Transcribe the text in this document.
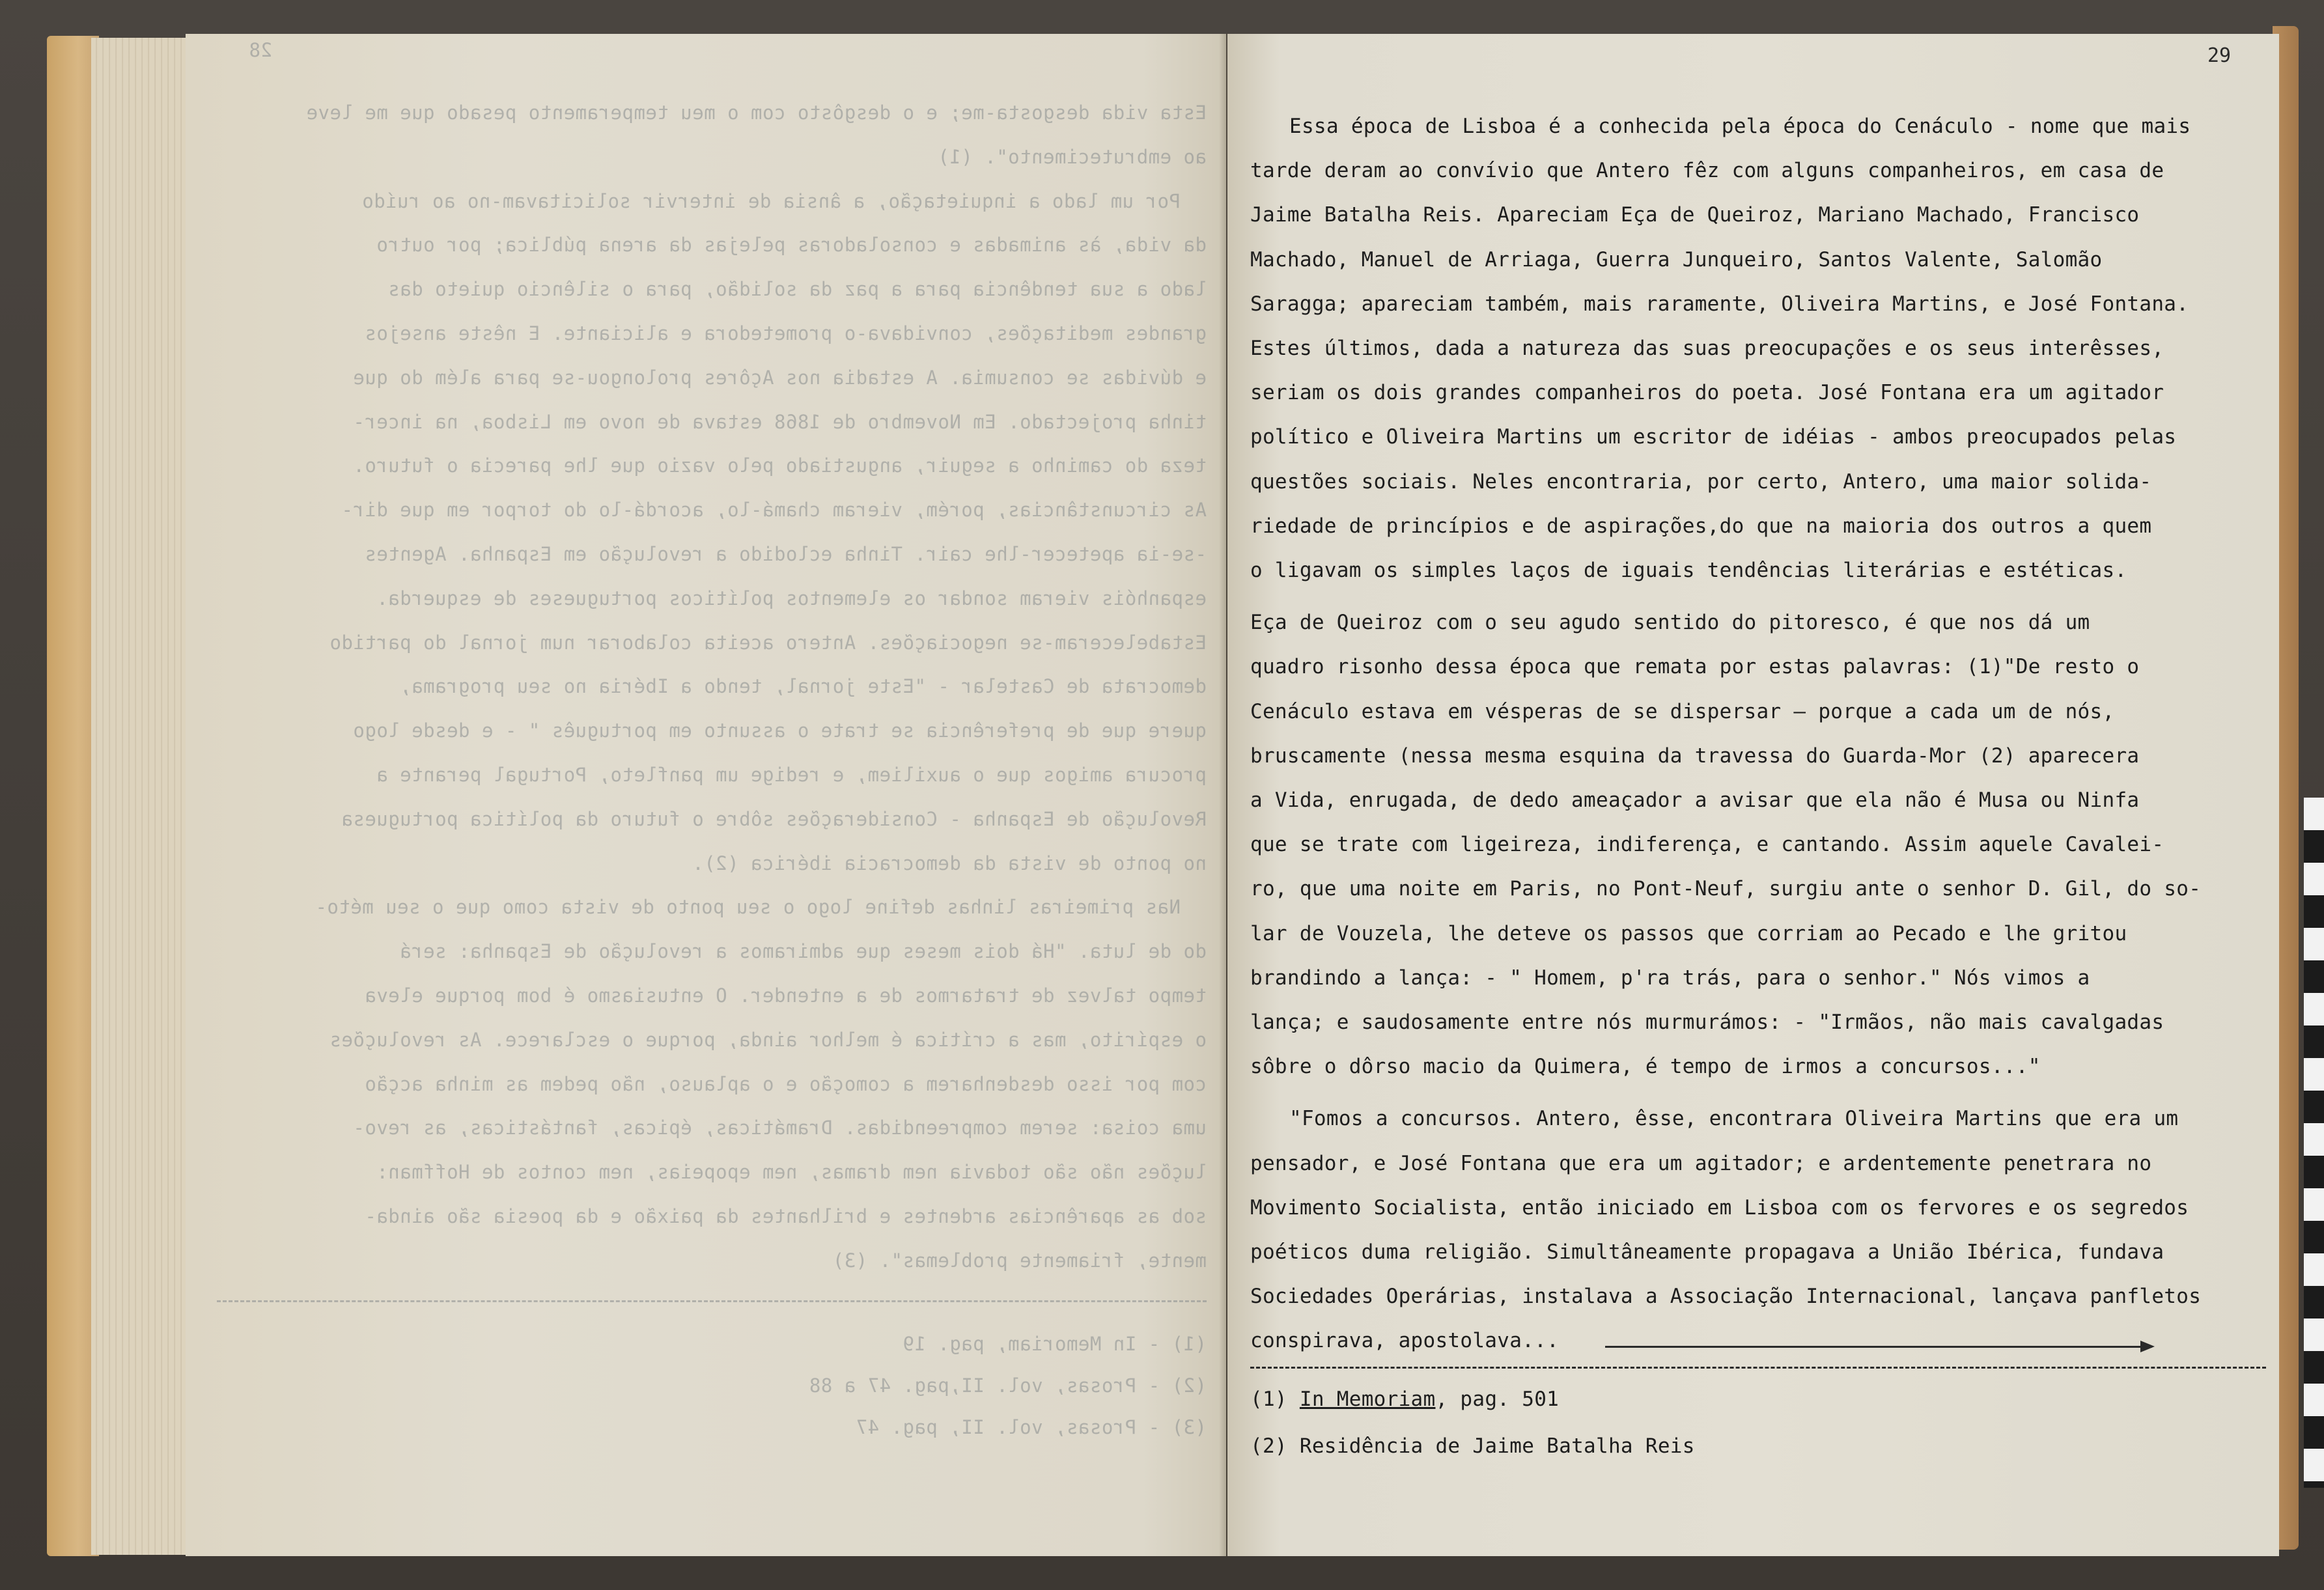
28
Esta vida desgosta-me; e o desgôsto com o meu temperamento pesado que me leve
ao embrutecimento". (1)
Por um lado a inquietação, a ânsia de intervir solicitavam-no ao ruído
da vida, às animadas e consoladoras pelejas da arena pública; por outro
lado a sua tendência para a paz da solidão, para o silêncio quieto das
grandes meditações, convidava-o prometedora e aliciante. E nêste ansejos
e dúvidas se consumia. A estadia nos Açôres prolongou-se para além do que
tinha projectado. Em Novembro de 1868 estava de novo em Lisboa, na incer-
teza do caminho a seguir, angustiado pelo vazio que lhe parecia o futuro.
As circunstâncias, porém, vieram chamá-lo, acordá-lo do torpor em que dir-
-se-ia apetecer-lhe cair. Tinha eclodido a revolução em Espanha. Agentes
espanhóis vieram sondar os elementos políticos portugueses de esquerda.
Estabeleceram-se negociações. Antero aceita colaborar num jornal do partido
democrata de Castelar - "Este jornal, tendo a Ibéria no seu programa,
quere que de preferência se trate o assunto em português " - e desde logo
procura amigos que o auxiliem, e redige um panfleto, Portugal perante a
Revolução de Espanha - Considerações sôbre o futuro da política portuguesa
no ponto de vista da democracia ibérica (2).
Nas primeiras linhas define logo o seu ponto de vista como que o seu méto-
do de luta. "Há dois meses que admiramos a revolução de Espanha: será
tempo talvez de tratarmos de a entender. O entusiasmo é bom porque eleva
o espírito, mas a crítica é melhor ainda, porque o esclarece. As revoluções
com por isso desdenharem a comoção e o aplauso, não pedem as minha acção
uma coisa: serem compreendidas. Dramáticas, épicas, fantásticas, as revo-
luções não são todavia nem dramas, nem epopeias, nem contos de Hoffman:
sob as aparências ardentes e brilhantes da paixão e da poesia são ainda-
mente, friamente problemas". (3)
(1) - In Memoriam, pag. 19
(2) - Prosas, vol. II,pag. 47 a 88
(3) - Prosas, vol. II, pag. 47
29
Essa época de Lisboa é a conhecida pela época do Cenáculo - nome que mais
tarde deram ao convívio que Antero fêz com alguns companheiros, em casa de
Jaime Batalha Reis. Apareciam Eça de Queiroz, Mariano Machado, Francisco
Machado, Manuel de Arriaga, Guerra Junqueiro, Santos Valente, Salomão
Saragga; apareciam também, mais raramente, Oliveira Martins, e José Fontana.
Estes últimos, dada a natureza das suas preocupações e os seus interêsses,
seriam os dois grandes companheiros do poeta. José Fontana era um agitador
político e Oliveira Martins um escritor de idéias - ambos preocupados pelas
questões sociais. Neles encontraria, por certo, Antero, uma maior solida-
riedade de princípios e de aspirações,do que na maioria dos outros a quem
o ligavam os simples laços de iguais tendências literárias e estéticas.
Eça de Queiroz com o seu agudo sentido do pitoresco, é que nos dá um
quadro risonho dessa época que remata por estas palavras: (1)"De resto o
Cenáculo estava em vésperas de se dispersar — porque a cada um de nós,
bruscamente (nessa mesma esquina da travessa do Guarda-Mor (2) aparecera
a Vida, enrugada, de dedo ameaçador a avisar que ela não é Musa ou Ninfa
que se trate com ligeireza, indiferença, e cantando. Assim aquele Cavalei-
ro, que uma noite em Paris, no Pont-Neuf, surgiu ante o senhor D. Gil, do so-
lar de Vouzela, lhe deteve os passos que corriam ao Pecado e lhe gritou
brandindo a lança: - " Homem, p'ra trás, para o senhor." Nós vimos a
lança; e saudosamente entre nós murmurámos: - "Irmãos, não mais cavalgadas
sôbre o dôrso macio da Quimera, é tempo de irmos a concursos..."
"Fomos a concursos. Antero, êsse, encontrara Oliveira Martins que era um
pensador, e José Fontana que era um agitador; e ardentemente penetrara no
Movimento Socialista, então iniciado em Lisboa com os fervores e os segredos
poéticos duma religião. Simultâneamente propagava a União Ibérica, fundava
Sociedades Operárias, instalava a Associação Internacional, lançava panfletos
conspirava, apostolava...
(1) In Memoriam, pag. 501
(2) Residência de Jaime Batalha Reis
